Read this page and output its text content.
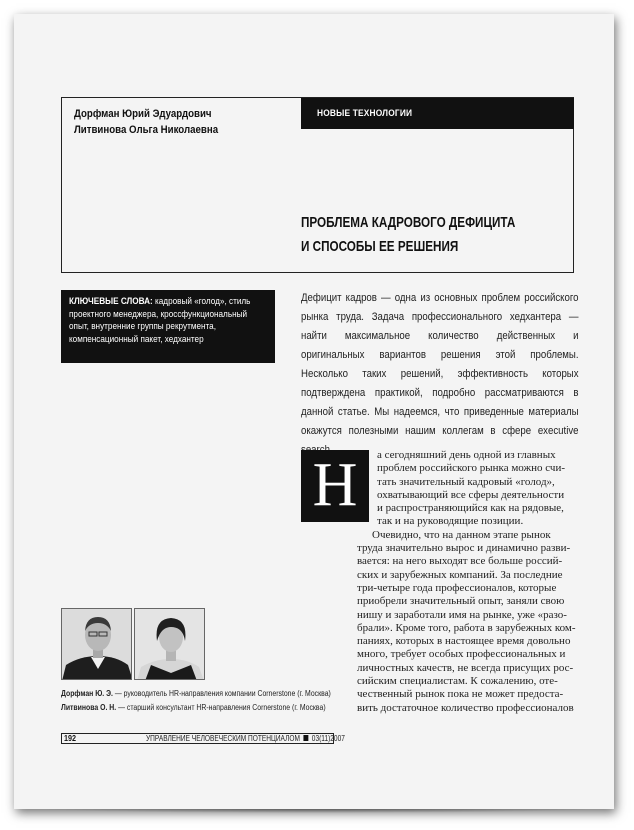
Дорфман Юрий Эдуардович
Литвинова Ольга Николаевна
НОВЫЕ ТЕХНОЛОГИИ
ПРОБЛЕМА КАДРОВОГО ДЕФИЦИТА
И СПОСОБЫ ЕЕ РЕШЕНИЯ

КЛЮЧЕВЫЕ СЛОВА: кадровый «голод», стиль проектного менеджера, кроссфункциональный опыт, внутренние группы рекрутмента, компенсационный пакет, хедхантер

Дефицит кадров — одна из основных проблем российского рынка труда. Задача профессионального хедхантера — найти максимальное количество действенных и оригинальных вариантов решения этой проблемы. Несколько таких решений, эффективность которых подтверждена практикой, подробно рассматриваются в данной статье. Мы надеемся, что приведенные материалы окажутся полезными нашим коллегам в сфере executive
Н	а сегодняшний день одной из главных
проблем российского рынка можно счи-
тать значительный кадровый «голод»,
охватывающий все сферы деятельности
и распространяющийся как на рядовые,
так и на руководящие позиции.
Очевидно, что на данном этапе рынок
труда значительно вырос и динамично разви-
вается: на него выходят все больше россий-
ских и зарубежных компаний. За последние
три-четыре года профессионалов, которые
приобрели значительный опыт, заняли свою
нишу и заработали имя на рынке, уже «разо-
брали». Кроме того, работа в зарубежных ком-
паниях, которых в настоящее время довольно
много, требует особых профессиональных и
личностных качеств, не всегда присущих рос-
сийским специалистам. К сожалению, оте-
чественный рынок пока не может предоста-
вить достаточное количество профессионалов
Дорфман Ю. Э. — руководитель HR-направления компании Cornerstone (г. Москва)
Литвинова О. Н. — старший консультант HR-направления Cornerstone (г. Москва)
192	УПРАВЛЕНИЕ ЧЕЛОВЕЧЕСКИМ ПОТЕНЦИАЛОМ 03(11)2007
